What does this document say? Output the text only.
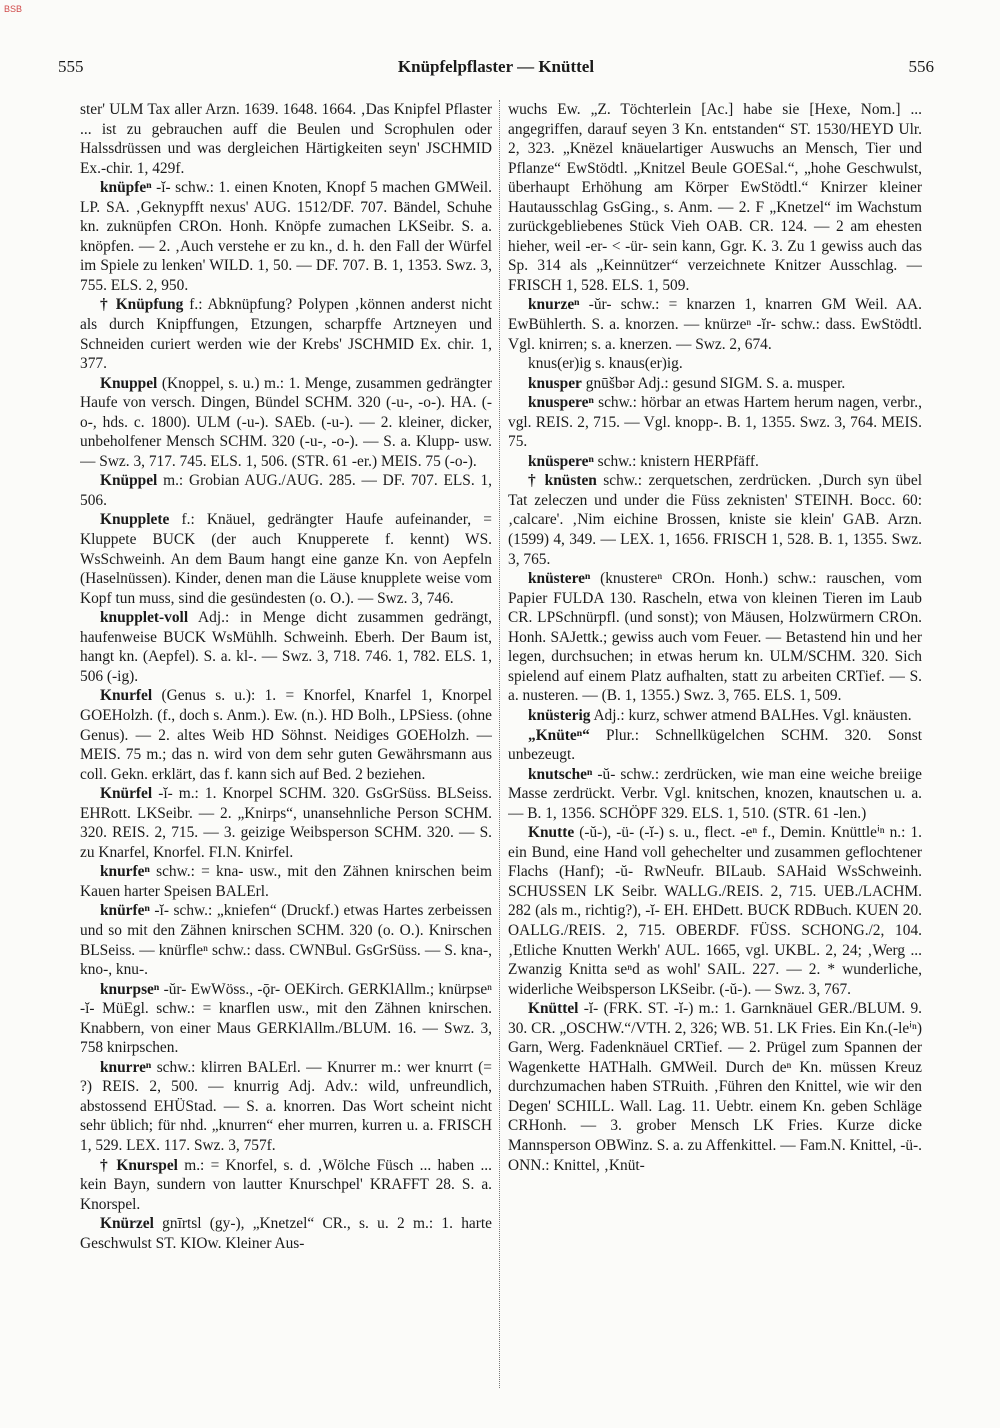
BSB
555	Knüpfelpflaster — Knüttel	556

ster' ULM Tax aller Arzn. 1639. 1648. 1664. ‚Das Knipfel Pflaster ... ist zu gebrauchen auff die Beulen und Scrophulen oder Halssdrüssen und was dergleichen Härtigkeiten seyn' JSCHMID Ex.-chir. 1, 429f.

knüpfeⁿ -ĭ- schw.: 1. einen Knoten, Knopf 5 machen GMWeil. LP. SA. ‚Geknypfft nexus' AUG. 1512/DF. 707. Bändel, Schuhe kn. zuknüpfen CROn. Honh. Knöpfe zumachen LKSeibr. S. a. knöpfen. — 2. ‚Auch verstehe er zu kn., d. h. den Fall der Würfel im Spiele zu lenken' WILD. 1, 50. — DF. 707. B. 1, 1353. Swz. 3, 755. ELS. 2, 950.

† Knüpfung f.: Abknüpfung? Polypen ‚können anderst nicht als durch Knipffungen, Etzungen, scharpffe Artzneyen und Schneiden curiert werden wie der Krebs' JSCHMID Ex. chir. 1, 377.

Knuppel (Knoppel, s. u.) m.: 1. Menge, zusammen gedrängter Haufe von versch. Dingen, Bündel SCHM. 320 (-u-, -o-). HA. (-o-, hds. c. 1800). ULM (-u-). SAEb. (-u-). — 2. kleiner, dicker, unbeholfener Mensch SCHM. 320 (-u-, -o-). — S. a. Klupp- usw. — Swz. 3, 717. 745. ELS. 1, 506. (STR. 61 -er.) MEIS. 75 (-o-).

Knüppel m.: Grobian AUG./AUG. 285. — DF. 707. ELS. 1, 506.

Knupplete f.: Knäuel, gedrängter Haufe aufeinander, = Kluppete BUCK (der auch Knupperete f. kennt) WS. WsSchweinh. An dem Baum hangt eine ganze Kn. von Aepfeln (Haselnüssen). Kinder, denen man die Läuse knupplete weise vom Kopf tun muss, sind die gesündesten (o. O.). — Swz. 3, 746.

knupplet-voll Adj.: in Menge dicht zusammen gedrängt, haufenweise BUCK WsMühlh. Schweinh. Eberh. Der Baum ist, hangt kn. (Aepfel). S. a. kl-. — Swz. 3, 718. 746. 1, 782. ELS. 1, 506 (-ig).

Knurfel (Genus s. u.): 1. = Knorfel, Knarfel 1, Knorpel GOEHolzh. (f., doch s. Anm.). Ew. (n.). HD Bolh., LPSiess. (ohne Genus). — 2. altes Weib HD Söhnst. Neidiges GOEHolzh. — MEIS. 75 m.; das n. wird von dem sehr guten Gewährsmann aus coll. Gekn. erklärt, das f. kann sich auf Bed. 2 beziehen.

Knürfel -ĭ- m.: 1. Knorpel SCHM. 320. GsGrSüss. BLSeiss. EHRott. LKSeibr. — 2. „Knirps“, unansehnliche Person SCHM. 320. REIS. 2, 715. — 3. geizige Weibsperson SCHM. 320. — S. zu Knarfel, Knorfel. FI.N. Knirfel.

knurfeⁿ schw.: = kna- usw., mit den Zähnen knirschen beim Kauen harter Speisen BALErl.

knürfeⁿ -ĭ- schw.: „kniefen“ (Druckf.) etwas Hartes zerbeissen und so mit den Zähnen knirschen SCHM. 320 (o. O.). Knirschen BLSeiss. — knürfleⁿ schw.: dass. CWNBul. GsGrSüss. — S. kna-, kno-, knu-.

knurpseⁿ -ŭr- EwWöss., -ǭr- OEKirch. GERKlAllm.; knürpseⁿ -ĭ- MüEgl. schw.: = knarflen usw., mit den Zähnen knirschen. Knabbern, von einer Maus GERKlAllm./BLUM. 16. — Swz. 3, 758 knirpschen.

knurreⁿ schw.: klirren BALErl. — Knurrer m.: wer knurrt (= ?) REIS. 2, 500. — knurrig Adj. Adv.: wild, unfreundlich, abstossend EHÜStad. — S. a. knorren. Das Wort scheint nicht sehr üblich; für nhd. „knurren“ eher murren, kurren u. a. FRISCH 1, 529. LEX. 117. Swz. 3, 757f.

† Knurspel m.: = Knorfel, s. d. ‚Wölche Füsch ... haben ... kein Bayn, sundern von lautter Knurschpel' KRAFFT 28. S. a. Knorspel.

Knürzel gnīrtsl (gy-), „Knetzel“ CR., s. u. 2 m.: 1. harte Geschwulst ST. KIOw. Kleiner Aus-

wuchs Ew. „Z. Töchterlein [Ac.] habe sie [Hexe, Nom.] ... angegriffen, darauf seyen 3 Kn. entstanden“ ST. 1530/HEYD Ulr. 2, 323. „Knëzel knäuelartiger Auswuchs an Mensch, Tier und Pflanze“ EwStödtl. „Knitzel Beule GOESal.“, „hohe Geschwulst, überhaupt Erhöhung am Körper EwStödtl.“ Knirzer kleiner Hautausschlag GsGing., s. Anm. — 2. F „Knetzel“ im Wachstum zurückgebliebenes Stück Vieh OAB. CR. 124. — 2 am ehesten hieher, weil -er- < -ür- sein kann, Ggr. K. 3. Zu 1 gewiss auch das Sp. 314 als „Keinnützer“ verzeichnete Knitzer Ausschlag. — FRISCH 1, 528. ELS. 1, 509.

knurzeⁿ -ŭr- schw.: = knarzen 1, knarren GM Weil. AA. EwBühlerth. S. a. knorzen. — knürzeⁿ -ĭr- schw.: dass. EwStödtl. Vgl. knirren; s. a. knerzen. — Swz. 2, 674.

knus(er)ig s. knaus(er)ig.

knusper gnūšbər Adj.: gesund SIGM. S. a. musper.

knuspereⁿ schw.: hörbar an etwas Hartem herum nagen, verbr., vgl. REIS. 2, 715. — Vgl. knopp-. B. 1, 1355. Swz. 3, 764. MEIS. 75.

knüspereⁿ schw.: knistern HERPfäff.

† knüsten schw.: zerquetschen, zerdrücken. ‚Durch syn übel Tat zeleczen und under die Füss zeknisten' STEINH. Bocc. 60: ‚calcare'. ‚Nim eichine Brossen, kniste sie klein' GAB. Arzn. (1599) 4, 349. — LEX. 1, 1656. FRISCH 1, 528. B. 1, 1355. Swz. 3, 765.

knüstereⁿ (knustereⁿ CROn. Honh.) schw.: rauschen, vom Papier FULDA 130. Rascheln, etwa von kleinen Tieren im Laub CR. LPSchnürpfl. (und sonst); von Mäusen, Holzwürmern CROn. Honh. SAJettk.; gewiss auch vom Feuer. — Betastend hin und her legen, durchsuchen; in etwas herum kn. ULM/SCHM. 320. Sich spielend auf einem Platz aufhalten, statt zu arbeiten CRTief. — S. a. nusteren. — (B. 1, 1355.) Swz. 3, 765. ELS. 1, 509.

knüsterig Adj.: kurz, schwer atmend BALHes. Vgl. knäusten.

„Knüteⁿ“ Plur.: Schnellkügelchen SCHM. 320. Sonst unbezeugt.

knutscheⁿ -ŭ- schw.: zerdrücken, wie man eine weiche breiige Masse zerdrückt. Verbr. Vgl. knitschen, knozen, knautschen u. a. — B. 1, 1356. SCHÖPF 329. ELS. 1, 510. (STR. 61 -len.)

Knutte (-ŭ-), -ü- (-ĭ-) s. u., flect. -eⁿ f., Demin. Knüttleⁱⁿ n.: 1. ein Bund, eine Hand voll gehechelter und zusammen geflochtener Flachs (Hanf); -ŭ- RwNeufr. BILaub. SAHaid WsSchweinh. SCHUSSEN LK Seibr. WALLG./REIS. 2, 715. UEB./LACHM. 282 (als m., richtig?), -ĭ- EH. EHDett. BUCK RDBuch. KUEN 20. OALLG./REIS. 2, 715. OBERDF. FÜSS. SCHONG./2, 104. ‚Etliche Knutten Werkh' AUL. 1665, vgl. UKBL. 2, 24; ‚Werg ... Zwanzig Knitta seⁿd as wohl' SAIL. 227. — 2. * wunderliche, widerliche Weibsperson LKSeibr. (-ŭ-). — Swz. 3, 767.

Knüttel -ĭ- (FRK. ST. -ĭ-) m.: 1. Garnknäuel GER./BLUM. 9. 30. CR. „OSCHW.“/VTH. 2, 326; WB. 51. LK Fries. Ein Kn.(-leⁱⁿ) Garn, Werg. Fadenknäuel CRTief. — 2. Prügel zum Spannen der Wagenkette HATHalh. GMWeil. Durch deⁿ Kn. müssen Kreuz durchzumachen haben STRuith. ‚Führen den Knittel, wie wir den Degen' SCHILL. Wall. Lag. 11. Uebtr. einem Kn. geben Schläge CRHonh. — 3. grober Mensch LK Fries. Kurze dicke Mannsperson OBWinz. S. a. zu Affenkittel. — Fam.N. Knittel, -ü-. ONN.: Knittel, ‚Knüt-
